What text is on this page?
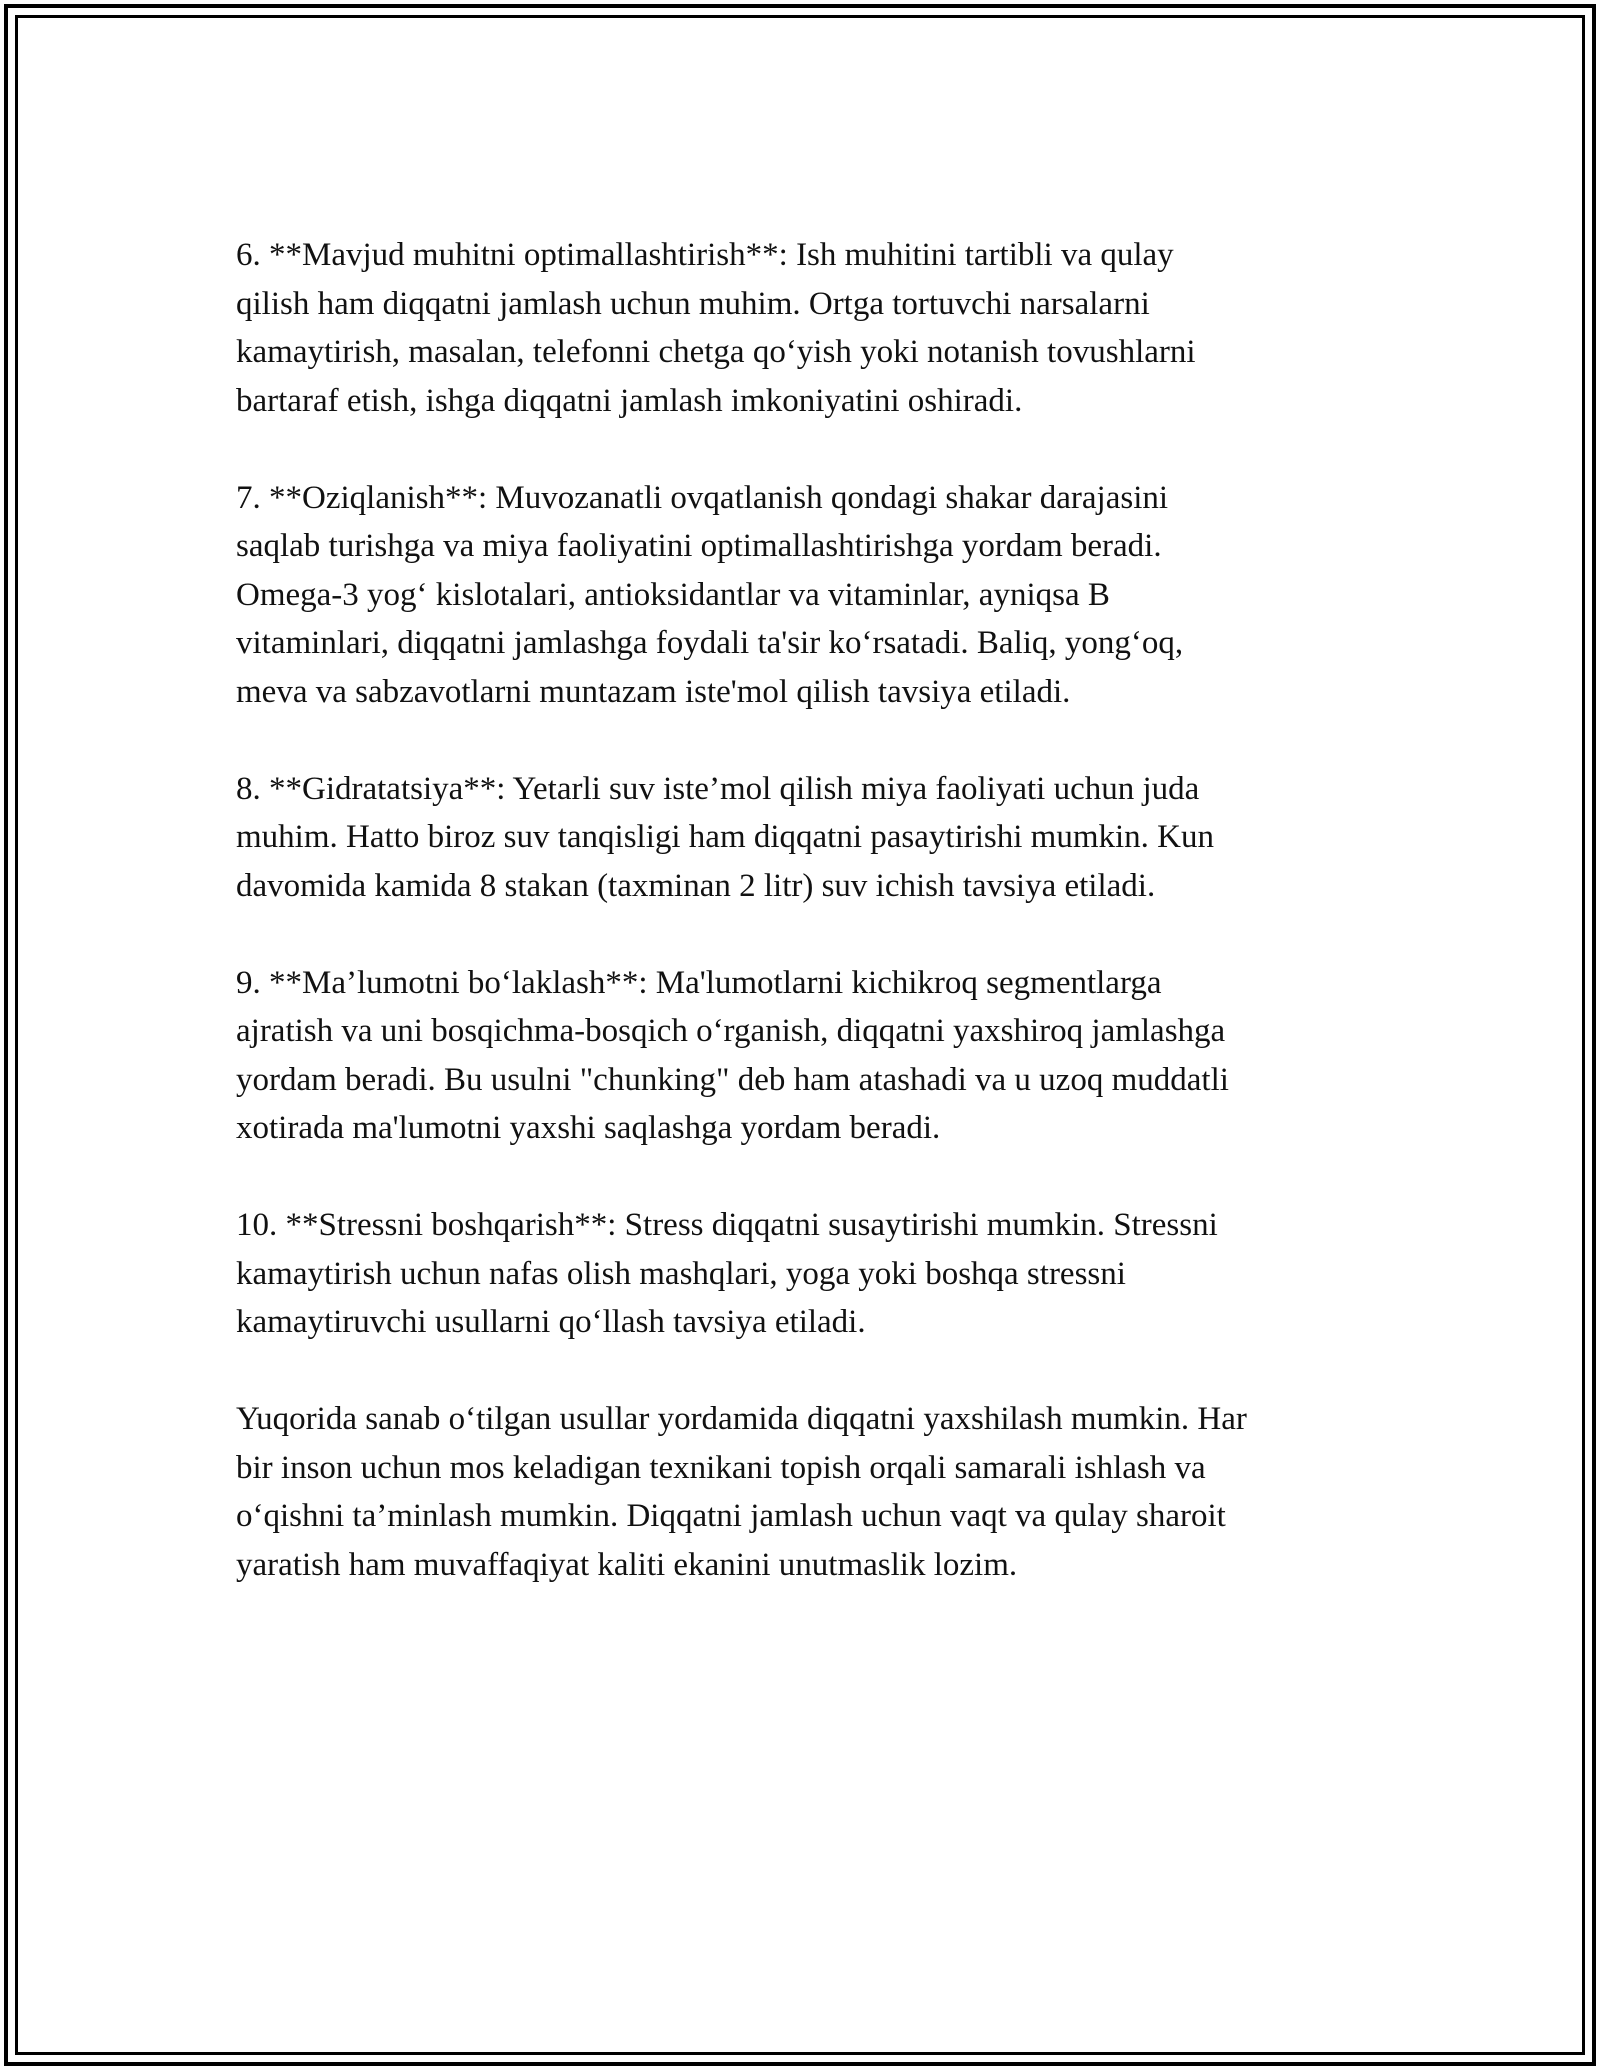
6. **Mavjud muhitni optimallashtirish**: Ish muhitini tartibli va qulay
qilish ham diqqatni jamlash uchun muhim. Ortga tortuvchi narsalarni
kamaytirish, masalan, telefonni chetga qo‘yish yoki notanish tovushlarni
bartaraf etish, ishga diqqatni jamlash imkoniyatini oshiradi.

7. **Oziqlanish**: Muvozanatli ovqatlanish qondagi shakar darajasini
saqlab turishga va miya faoliyatini optimallashtirishga yordam beradi.
Omega-3 yog‘ kislotalari, antioksidantlar va vitaminlar, ayniqsa B
vitaminlari, diqqatni jamlashga foydali ta'sir ko‘rsatadi. Baliq, yong‘oq,
meva va sabzavotlarni muntazam iste'mol qilish tavsiya etiladi.

8. **Gidratatsiya**: Yetarli suv iste’mol qilish miya faoliyati uchun juda
muhim. Hatto biroz suv tanqisligi ham diqqatni pasaytirishi mumkin. Kun
davomida kamida 8 stakan (taxminan 2 litr) suv ichish tavsiya etiladi.

9. **Ma’lumotni bo‘laklash**: Ma'lumotlarni kichikroq segmentlarga
ajratish va uni bosqichma-bosqich o‘rganish, diqqatni yaxshiroq jamlashga
yordam beradi. Bu usulni "chunking" deb ham atashadi va u uzoq muddatli
xotirada ma'lumotni yaxshi saqlashga yordam beradi.

10. **Stressni boshqarish**: Stress diqqatni susaytirishi mumkin. Stressni
kamaytirish uchun nafas olish mashqlari, yoga yoki boshqa stressni
kamaytiruvchi usullarni qo‘llash tavsiya etiladi.

Yuqorida sanab o‘tilgan usullar yordamida diqqatni yaxshilash mumkin. Har
bir inson uchun mos keladigan texnikani topish orqali samarali ishlash va
o‘qishni ta’minlash mumkin. Diqqatni jamlash uchun vaqt va qulay sharoit
yaratish ham muvaffaqiyat kaliti ekanini unutmaslik lozim.
